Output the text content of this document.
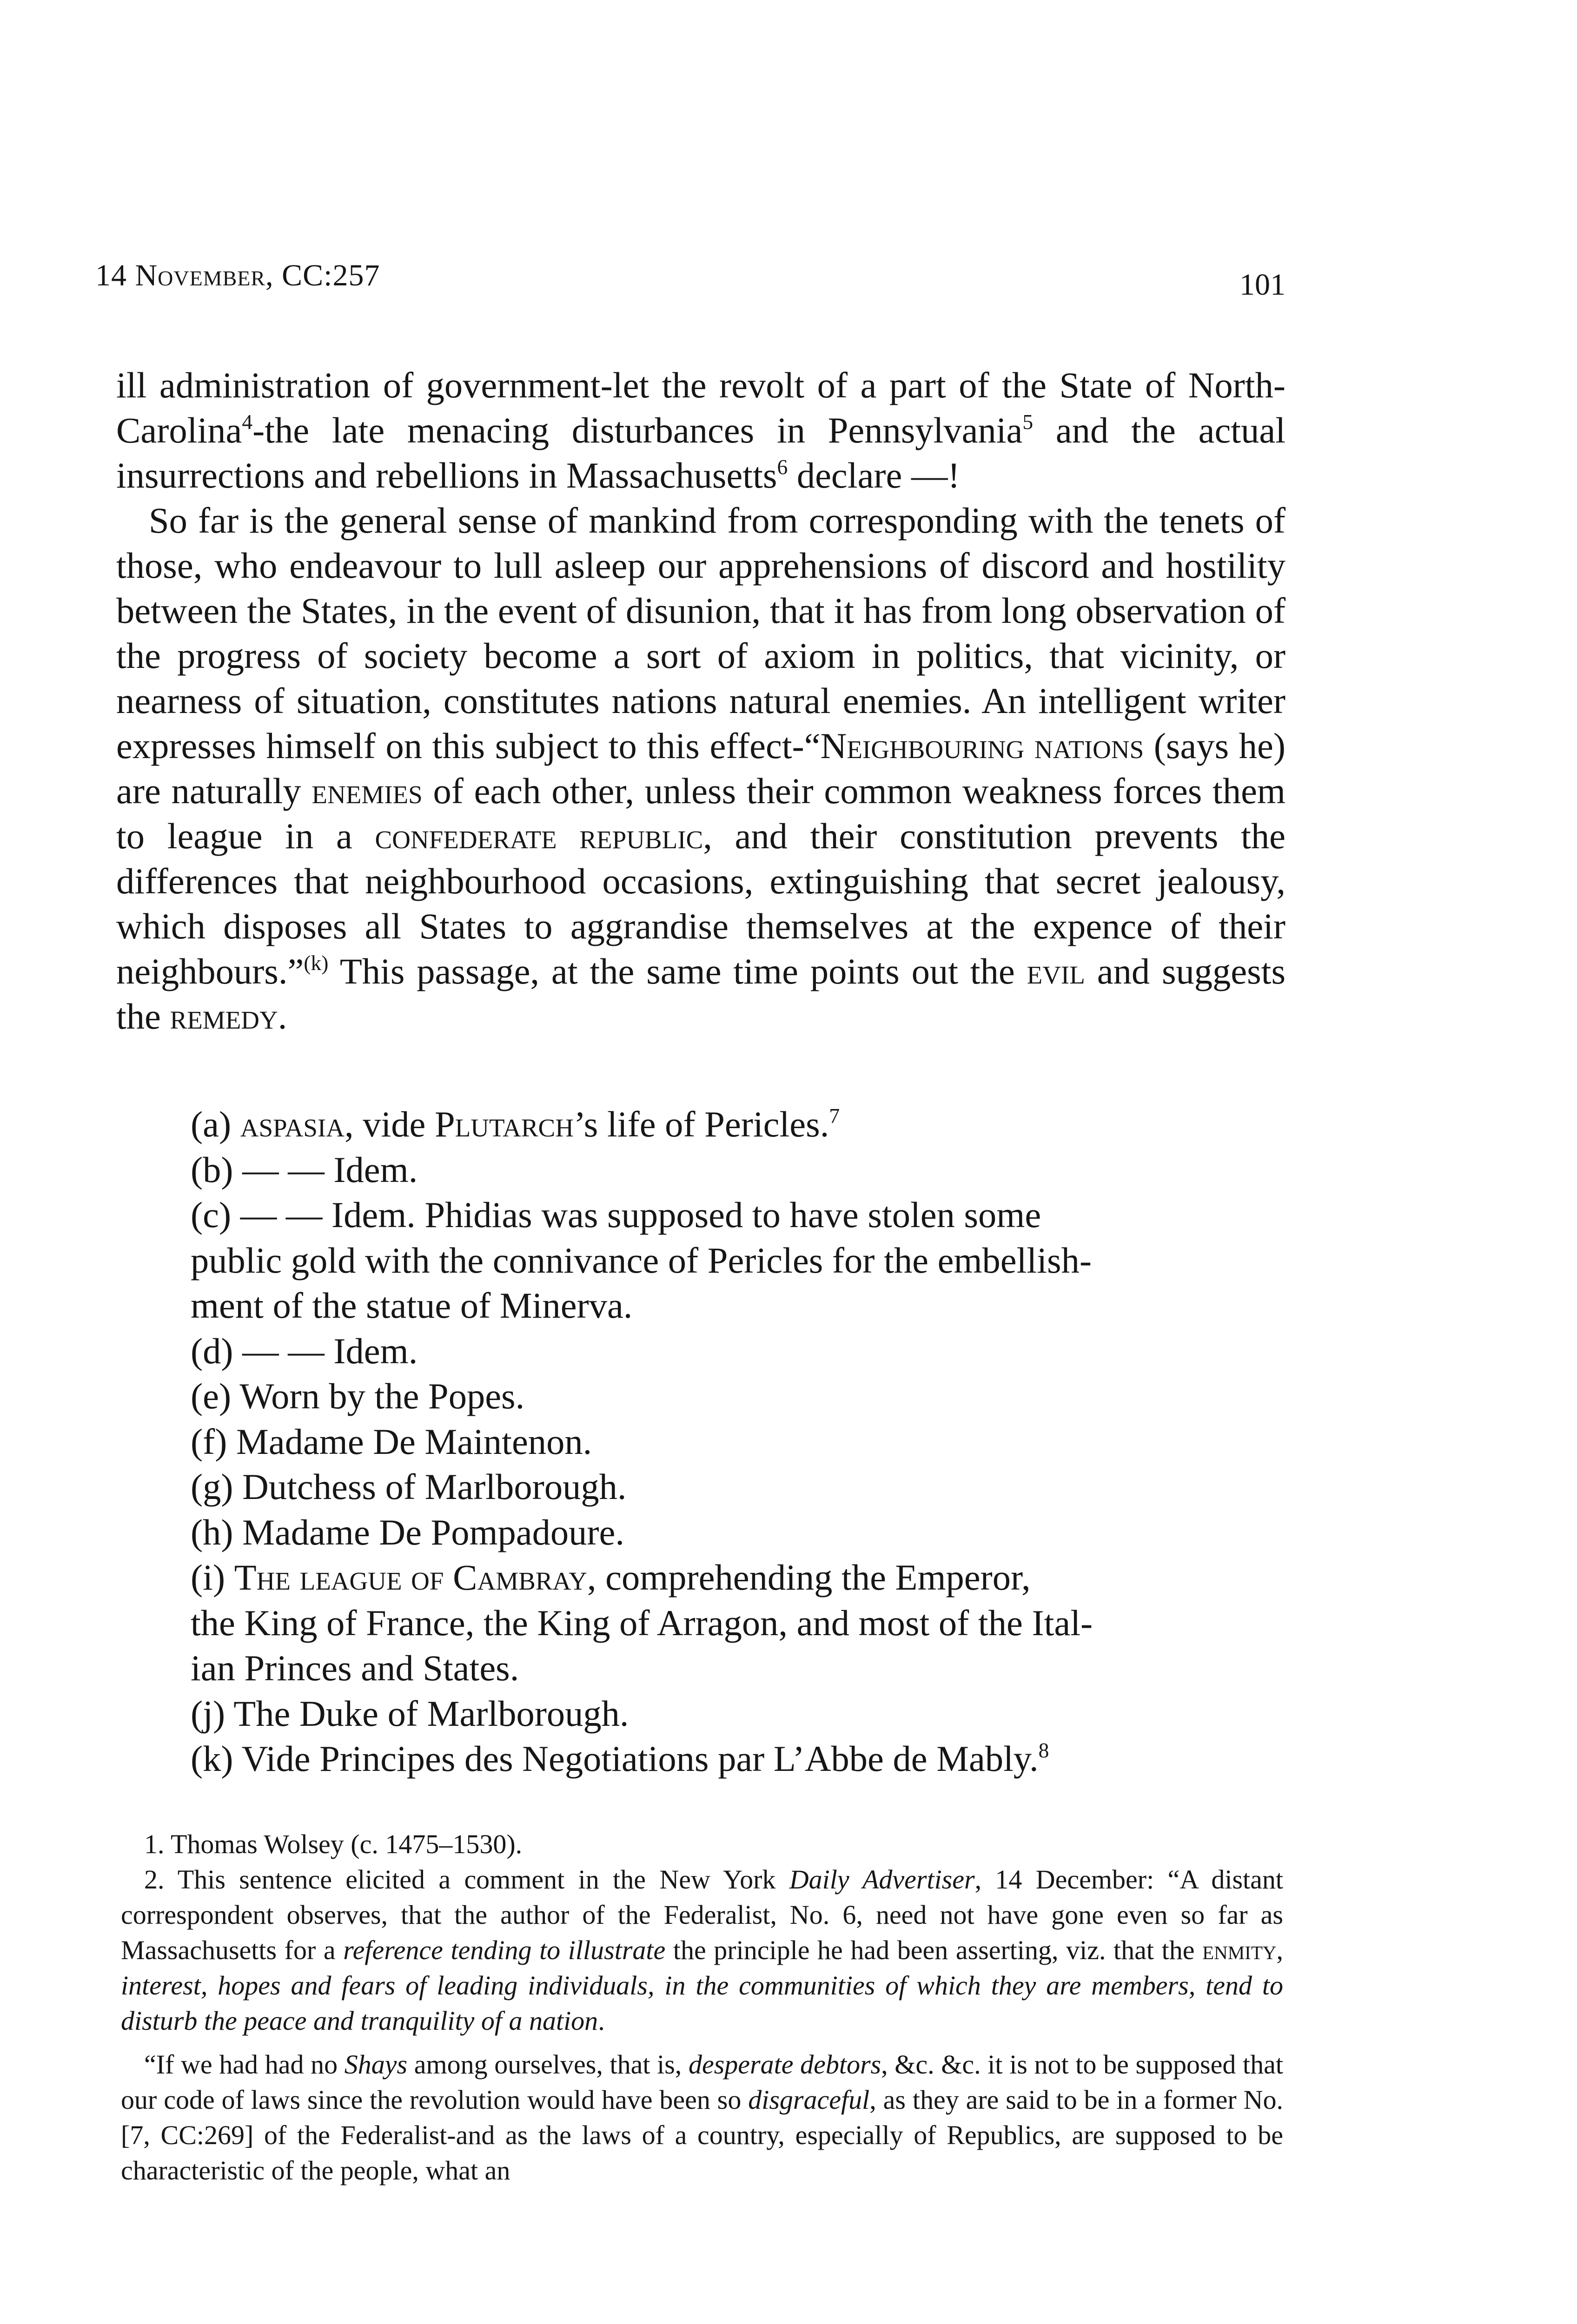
14 November, CC:257	101

ill administration of government-let the revolt of a part of the State of North-Carolina$^4$-the late menacing disturbances in Pennsylvania$^5$ and the actual insurrections and rebellions in Massachusetts$^6$ declare —!

So far is the general sense of mankind from corresponding with the tenets of those, who endeavour to lull asleep our apprehensions of discord and hostility between the States, in the event of disunion, that it has from long observation of the progress of society become a sort of axiom in politics, that vicinity, or nearness of situation, constitutes nations natural enemies. An intelligent writer expresses himself on this subject to this effect-“Neighbouring nations (says he) are naturally enemies of each other, unless their common weakness forces them to league in a confederate republic, and their constitution prevents the differences that neighbourhood occasions, extinguishing that secret jealousy, which disposes all States to aggrandise themselves at the expence of their neighbours.”$^{(k)}$ This passage, at the same time points out the evil and suggests the remedy.

(a) aspasia, vide Plutarch’s life of Pericles.$^7$
(b) — — Idem.
(c) — — Idem. Phidias was supposed to have stolen some
public gold with the connivance of Pericles for the embellish-
ment of the statue of Minerva.
(d) — — Idem.
(e) Worn by the Popes.
(f) Madame De Maintenon.
(g) Dutchess of Marlborough.
(h) Madame De Pompadoure.
(i) The league of Cambray, comprehending the Emperor,
the King of France, the King of Arragon, and most of the Ital-
ian Princes and States.
(j) The Duke of Marlborough.
(k) Vide Principes des Negotiations par L’Abbe de Mably.$^8$

1. Thomas Wolsey (c. 1475–1530).

2. This sentence elicited a comment in the New York Daily Advertiser, 14 December: “A distant correspondent observes, that the author of the Federalist, No. 6, need not have gone even so far as Massachusetts for a reference tending to illustrate the principle he had been asserting, viz. that the enmity, interest, hopes and fears of leading individuals, in the communities of which they are members, tend to disturb the peace and tranquility of a nation.

“If we had had no Shays among ourselves, that is, desperate debtors, &c. &c. it is not to be supposed that our code of laws since the revolution would have been so disgraceful, as they are said to be in a former No. [7, CC:269] of the Federalist-and as the laws of a country, especially of Republics, are supposed to be characteristic of the people, what an
